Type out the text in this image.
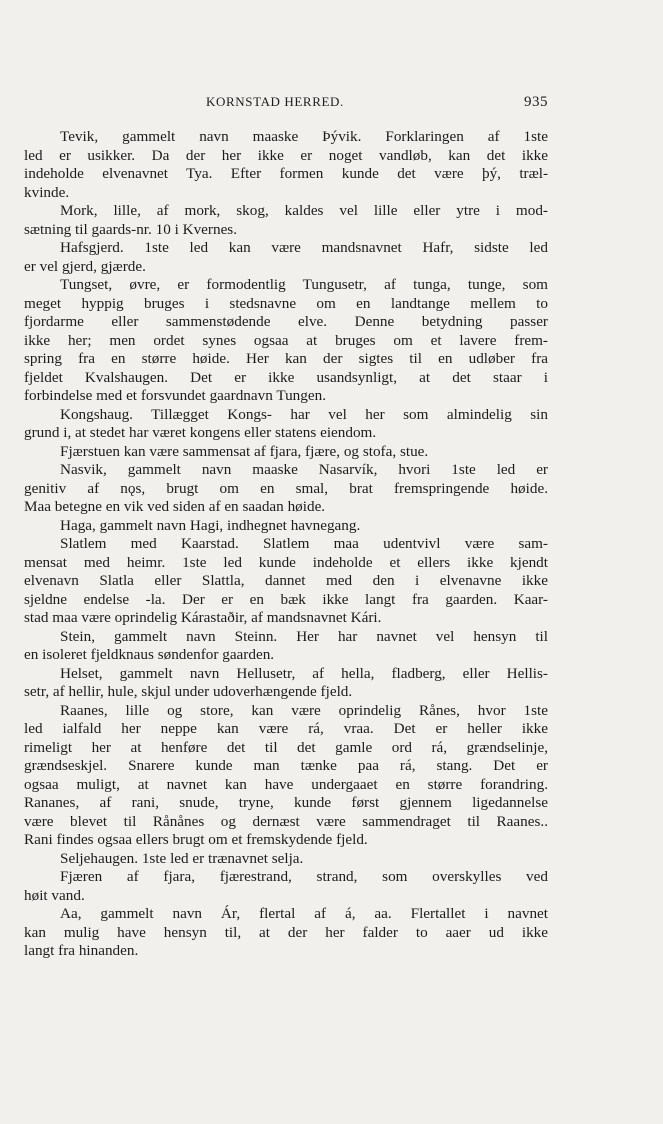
KORNSTAD HERRED.	935
Tevik, gammelt navn maaske Þývik. Forklaringen af 1ste
led er usikker. Da der her ikke er noget vandløb, kan det ikke
indeholde elvenavnet Tya. Efter formen kunde det være þý, træl-
kvinde.
Mork, lille, af mork, skog, kaldes vel lille eller ytre i mod-
sætning til gaards-nr. 10 i Kvernes.
Hafsgjerd. 1ste led kan være mandsnavnet Hafr, sidste led
er vel gjerd, gjærde.
Tungset, øvre, er formodentlig Tungusetr, af tunga, tunge, som
meget hyppig bruges i stedsnavne om en landtange mellem to
fjordarme eller sammenstødende elve. Denne betydning passer
ikke her; men ordet synes ogsaa at bruges om et lavere frem-
spring fra en større høide. Her kan der sigtes til en udløber fra
fjeldet Kvalshaugen. Det er ikke usandsynligt, at det staar i
forbindelse med et forsvundet gaardnavn Tungen.
Kongshaug. Tillægget Kongs- har vel her som almindelig sin
grund i, at stedet har været kongens eller statens eiendom.
Fjærstuen kan være sammensat af fjara, fjære, og stofa, stue.
Nasvik, gammelt navn maaske Nasarvík, hvori 1ste led er
genitiv af nǫs, brugt om en smal, brat fremspringende høide.
Maa betegne en vik ved siden af en saadan høide.
Haga, gammelt navn Hagi, indhegnet havnegang.
Slatlem med Kaarstad. Slatlem maa udentvivl være sam-
mensat med heimr. 1ste led kunde indeholde et ellers ikke kjendt
elvenavn Slatla eller Slattla, dannet med den i elvenavne ikke
sjeldne endelse -la. Der er en bæk ikke langt fra gaarden. Kaar-
stad maa være oprindelig Kárastaðir, af mandsnavnet Kári.
Stein, gammelt navn Steinn. Her har navnet vel hensyn til
en isoleret fjeldknaus søndenfor gaarden.
Helset, gammelt navn Hellusetr, af hella, fladberg, eller Hellis-
setr, af hellir, hule, skjul under udoverhængende fjeld.
Raanes, lille og store, kan være oprindelig Rånes, hvor 1ste
led ialfald her neppe kan være rá, vraa. Det er heller ikke
rimeligt her at henføre det til det gamle ord rá, grændselinje,
grændseskjel. Snarere kunde man tænke paa rá, stang. Det er
ogsaa muligt, at navnet kan have undergaaet en større forandring.
Rananes, af rani, snude, tryne, kunde først gjennem ligedannelse
være blevet til Rånånes og dernæst være sammendraget til Raanes..
Rani findes ogsaa ellers brugt om et fremskydende fjeld.
Seljehaugen. 1ste led er trænavnet selja.
Fjæren af fjara, fjærestrand, strand, som overskylles ved
høit vand.
Aa, gammelt navn Ár, flertal af á, aa. Flertallet i navnet
kan mulig have hensyn til, at der her falder to aaer ud ikke
langt fra hinanden.
